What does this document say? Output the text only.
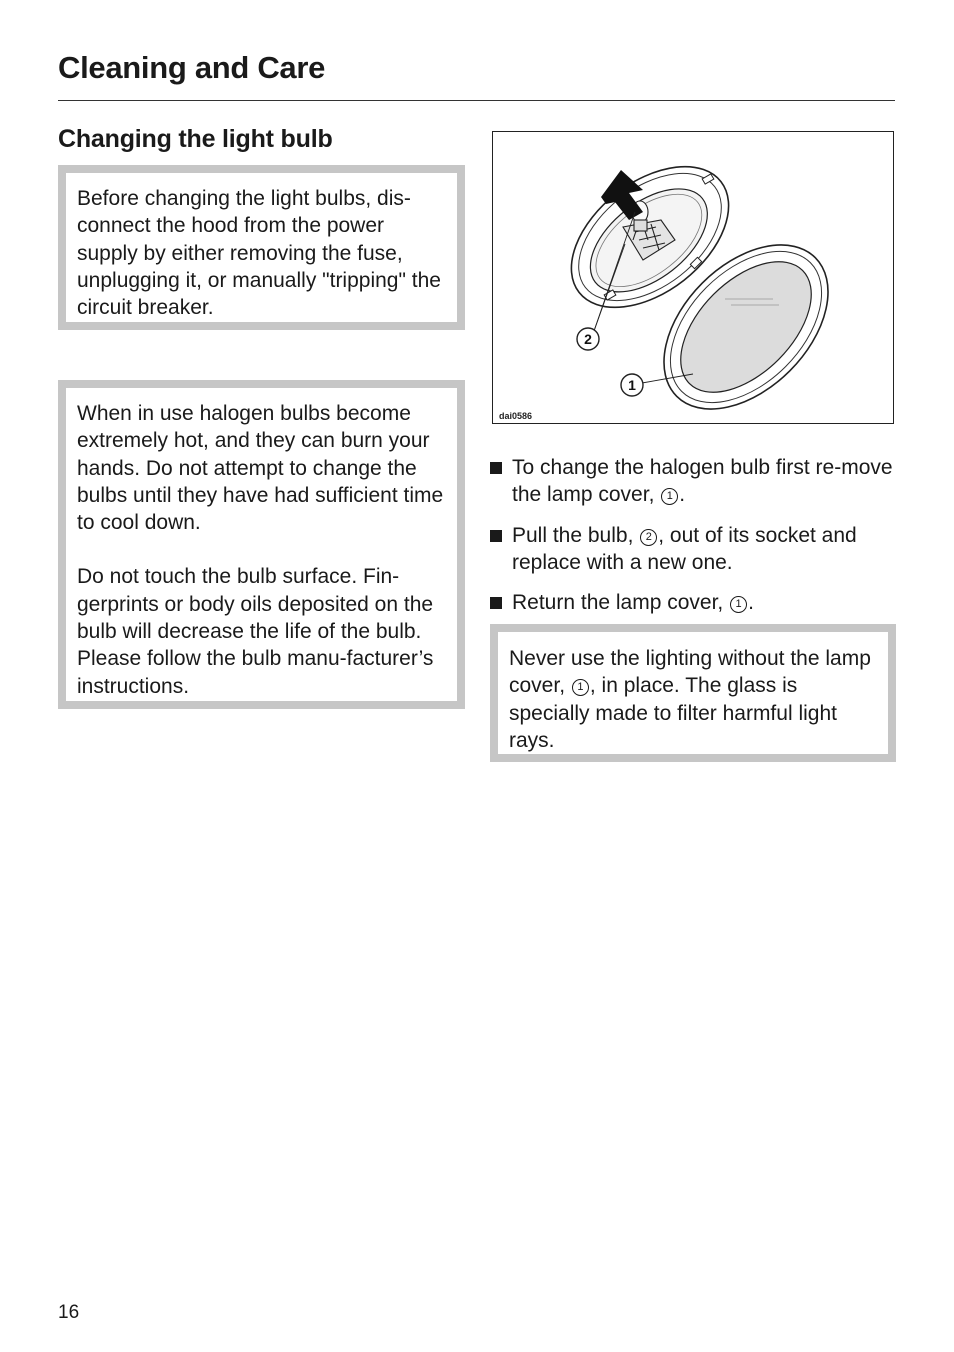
Cleaning and Care
Changing the light bulb

Before changing the light bulbs, dis-connect the hood from the power supply by either removing the fuse, unplugging it, or manually "tripping" the circuit breaker.

When in use halogen bulbs become extremely hot, and they can burn your hands. Do not attempt to change the bulbs until they have had sufficient time to cool down.

Do not touch the bulb surface. Fin-gerprints or body oils deposited on the bulb will decrease the life of the bulb. Please follow the bulb manu-facturer’s instructions.

2
1
dai0586
To change the halogen bulb first re-move the lamp cover, 1 .
Pull the bulb, 2 , out of its socket and replace with a new one.
Return the lamp cover, 1 .

Never use the lighting without the lamp cover, 1 , in place. The glass is specially made to filter harmful light rays.

16
